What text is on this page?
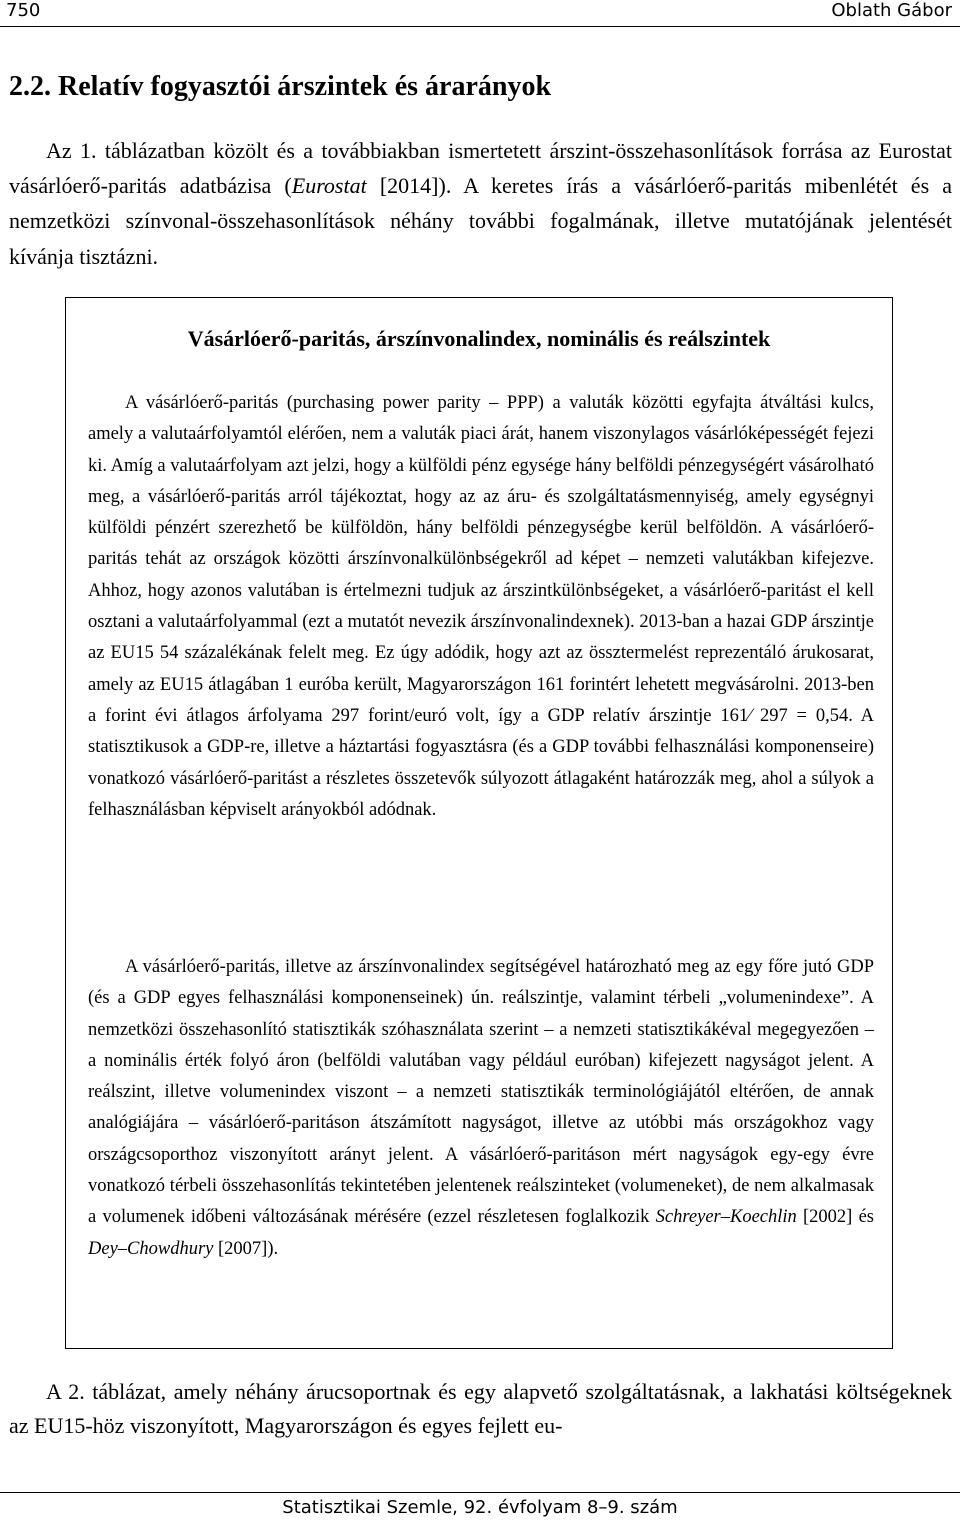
750	Oblath Gábor
2.2. Relatív fogyasztói árszintek és árarányok

Az 1. táblázatban közölt és a továbbiakban ismertetett árszint-összehasonlítások forrása az Eurostat vásárlóerő-paritás adatbázisa (Eurostat [2014]). A keretes írás a vásárlóerő-paritás mibenlétét és a nemzetközi színvonal-összehasonlítások néhány további fogalmának, illetve mutatójának jelentését kívánja tisztázni.

Vásárlóerő-paritás, árszínvonalindex, nominális és reálszintek

A vásárlóerő-paritás (purchasing power parity – PPP) a valuták közötti egyfajta átváltási kulcs, amely a valutaárfolyamtól elérően, nem a valuták piaci árát, hanem viszonylagos vásárlóképességét fejezi ki. Amíg a valutaárfolyam azt jelzi, hogy a külföldi pénz egysége hány belföldi pénzegységért vásárolható meg, a vásárlóerő-paritás arról tájékoztat, hogy az az áru- és szolgáltatásmennyiség, amely egységnyi külföldi pénzért szerezhető be külföldön, hány belföldi pénzegységbe kerül belföldön. A vásárlóerő-paritás tehát az országok közötti árszínvonalkülönbségekről ad képet – nemzeti valutákban kifejezve. Ahhoz, hogy azonos valutában is értelmezni tudjuk az árszintkülönbségeket, a vásárlóerő-paritást el kell osztani a valutaárfolyammal (ezt a mutatót nevezik árszínvonalindexnek). 2013-ban a hazai GDP árszintje az EU15 54 százalékának felelt meg. Ez úgy adódik, hogy azt az össztermelést reprezentáló árukosarat, amely az EU15 átlagában 1 euróba került, Magyarországon 161 forintért lehetett megvásárolni. 2013-ben a forint évi átlagos árfolyama 297 forint/euró volt, így a GDP relatív árszintje 161⁄ 297 = 0,54. A statisztikusok a GDP-re, illetve a háztartási fogyasztásra (és a GDP további felhasználási komponenseire) vonatkozó vásárlóerő-paritást a részletes összetevők súlyozott átlagaként határozzák meg, ahol a súlyok a felhasználásban képviselt arányokból adódnak.

A vásárlóerő-paritás, illetve az árszínvonalindex segítségével határozható meg az egy főre jutó GDP (és a GDP egyes felhasználási komponenseinek) ún. reálszintje, valamint térbeli „volumenindexe”. A nemzetközi összehasonlító statisztikák szóhasználata szerint – a nemzeti statisztikákéval megegyezően – a nominális érték folyó áron (belföldi valutában vagy például euróban) kifejezett nagyságot jelent. A reálszint, illetve volumenindex viszont – a nemzeti statisztikák terminológiájától eltérően, de annak analógiájára – vásárlóerő-paritáson átszámított nagyságot, illetve az utóbbi más országokhoz vagy országcsoporthoz viszonyított arányt jelent. A vásárlóerő-paritáson mért nagyságok egy-egy évre vonatkozó térbeli összehasonlítás tekintetében jelentenek reálszinteket (volumeneket), de nem alkalmasak a volumenek időbeni változásának mérésére (ezzel részletesen foglalkozik Schreyer–Koechlin [2002] és Dey–Chowdhury [2007]).

A 2. táblázat, amely néhány árucsoportnak és egy alapvető szolgáltatásnak, a lakhatási költségeknek az EU15-höz viszonyított, Magyarországon és egyes fejlett eu-

Statisztikai Szemle, 92. évfolyam 8–9. szám
